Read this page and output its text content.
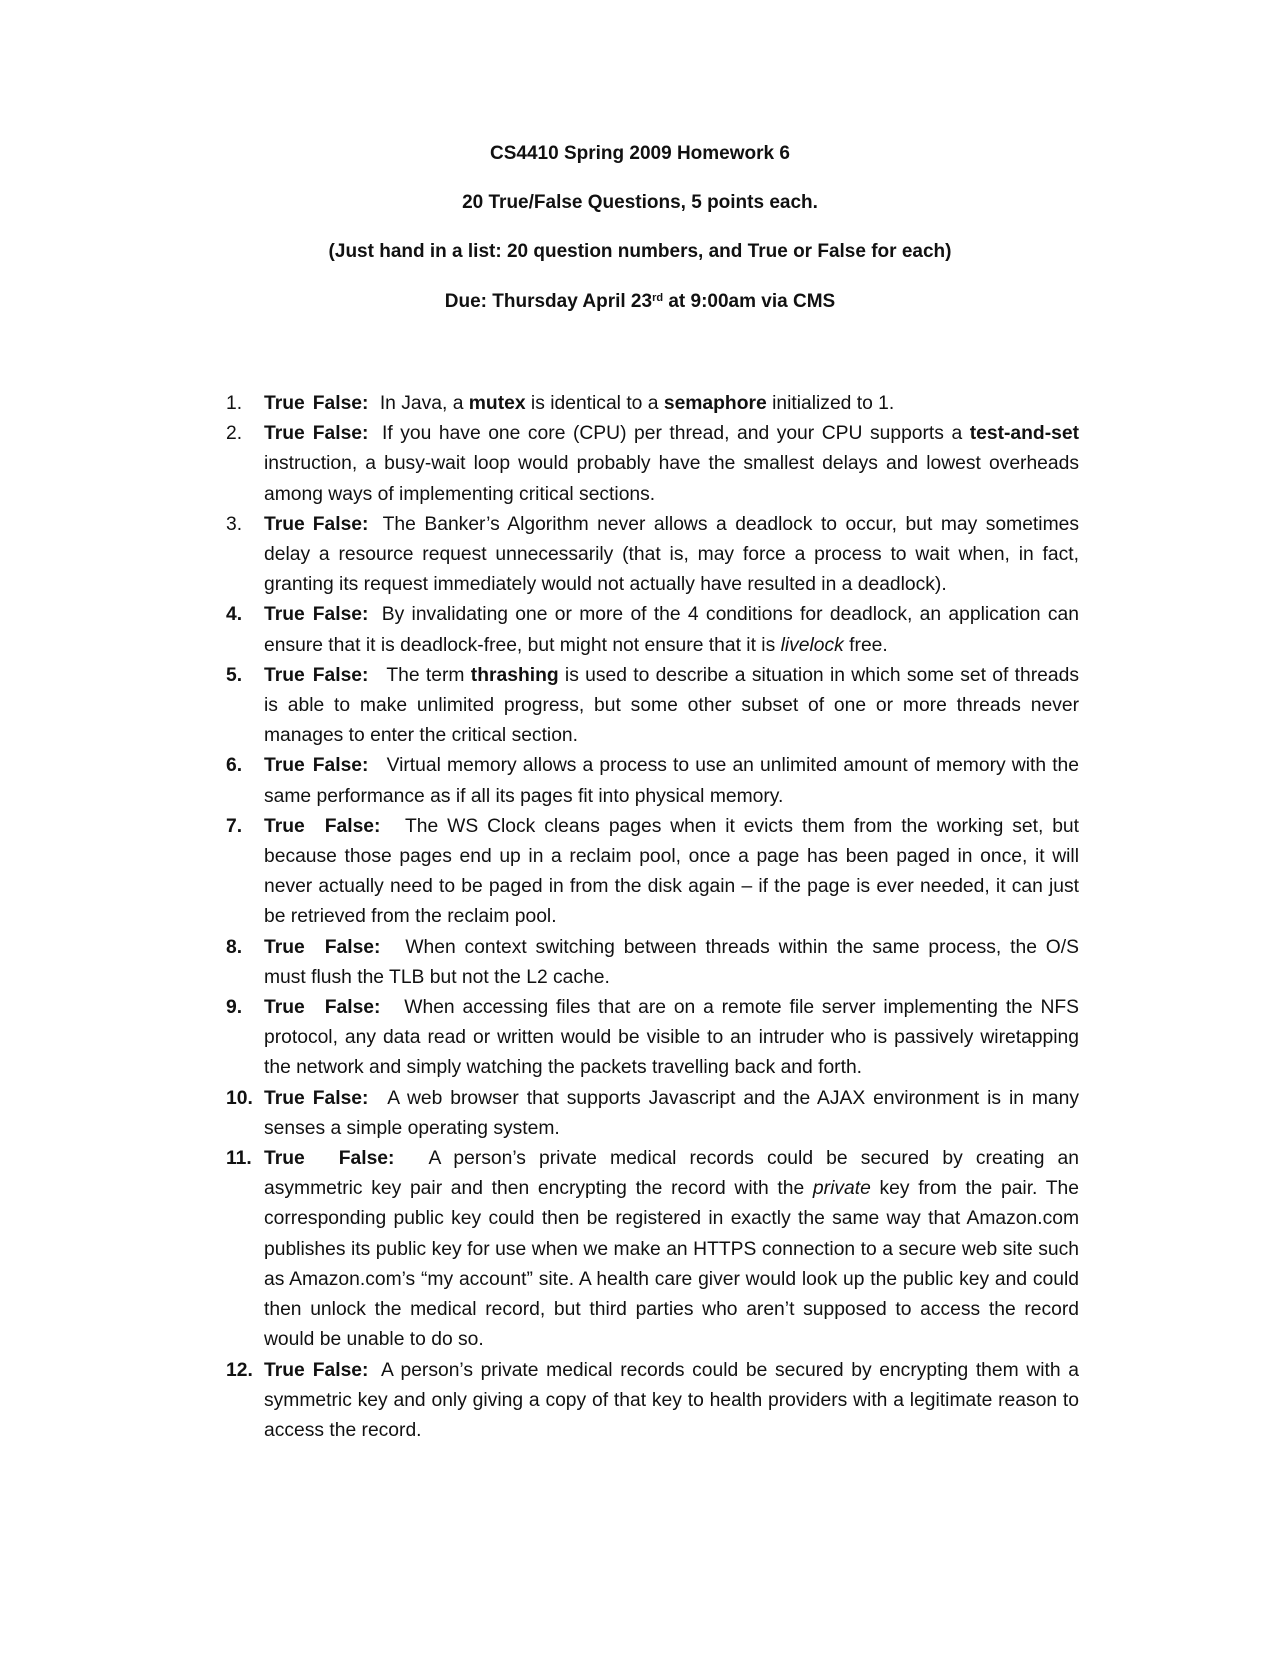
CS4410 Spring 2009 Homework 6
20 True/False Questions, 5 points each.
(Just hand in a list: 20 question numbers, and True or False for each)
Due: Thursday April 23rd at 9:00am via CMS
1.	True False: In Java, a mutex is identical to a semaphore initialized to 1.
2.	True False: If you have one core (CPU) per thread, and your CPU supports a test-and-set instruction, a busy-wait loop would probably have the smallest delays and lowest overheads among ways of implementing critical sections.
3.	True False: The Banker’s Algorithm never allows a deadlock to occur, but may sometimes delay a resource request unnecessarily (that is, may force a process to wait when, in fact, granting its request immediately would not actually have resulted in a deadlock).
4.	True False: By invalidating one or more of the 4 conditions for deadlock, an application can ensure that it is deadlock-free, but might not ensure that it is livelock free.
5.	True False: The term thrashing is used to describe a situation in which some set of threads is able to make unlimited progress, but some other subset of one or more threads never manages to enter the critical section.
6.	True False: Virtual memory allows a process to use an unlimited amount of memory with the same performance as if all its pages fit into physical memory.
7.	True False: The WS Clock cleans pages when it evicts them from the working set, but because those pages end up in a reclaim pool, once a page has been paged in once, it will never actually need to be paged in from the disk again – if the page is ever needed, it can just be retrieved from the reclaim pool.
8.	True False: When context switching between threads within the same process, the O/S must flush the TLB but not the L2 cache.
9.	True False: When accessing files that are on a remote file server implementing the NFS protocol, any data read or written would be visible to an intruder who is passively wiretapping the network and simply watching the packets travelling back and forth.
10. True False: A web browser that supports Javascript and the AJAX environment is in many senses a simple operating system.
11. True False: A person’s private medical records could be secured by creating an asymmetric key pair and then encrypting the record with the private key from the pair. The corresponding public key could then be registered in exactly the same way that Amazon.com publishes its public key for use when we make an HTTPS connection to a secure web site such as Amazon.com’s “my account” site. A health care giver would look up the public key and could then unlock the medical record, but third parties who aren’t supposed to access the record would be unable to do so.
12. True False: A person’s private medical records could be secured by encrypting them with a symmetric key and only giving a copy of that key to health providers with a legitimate reason to access the record.
